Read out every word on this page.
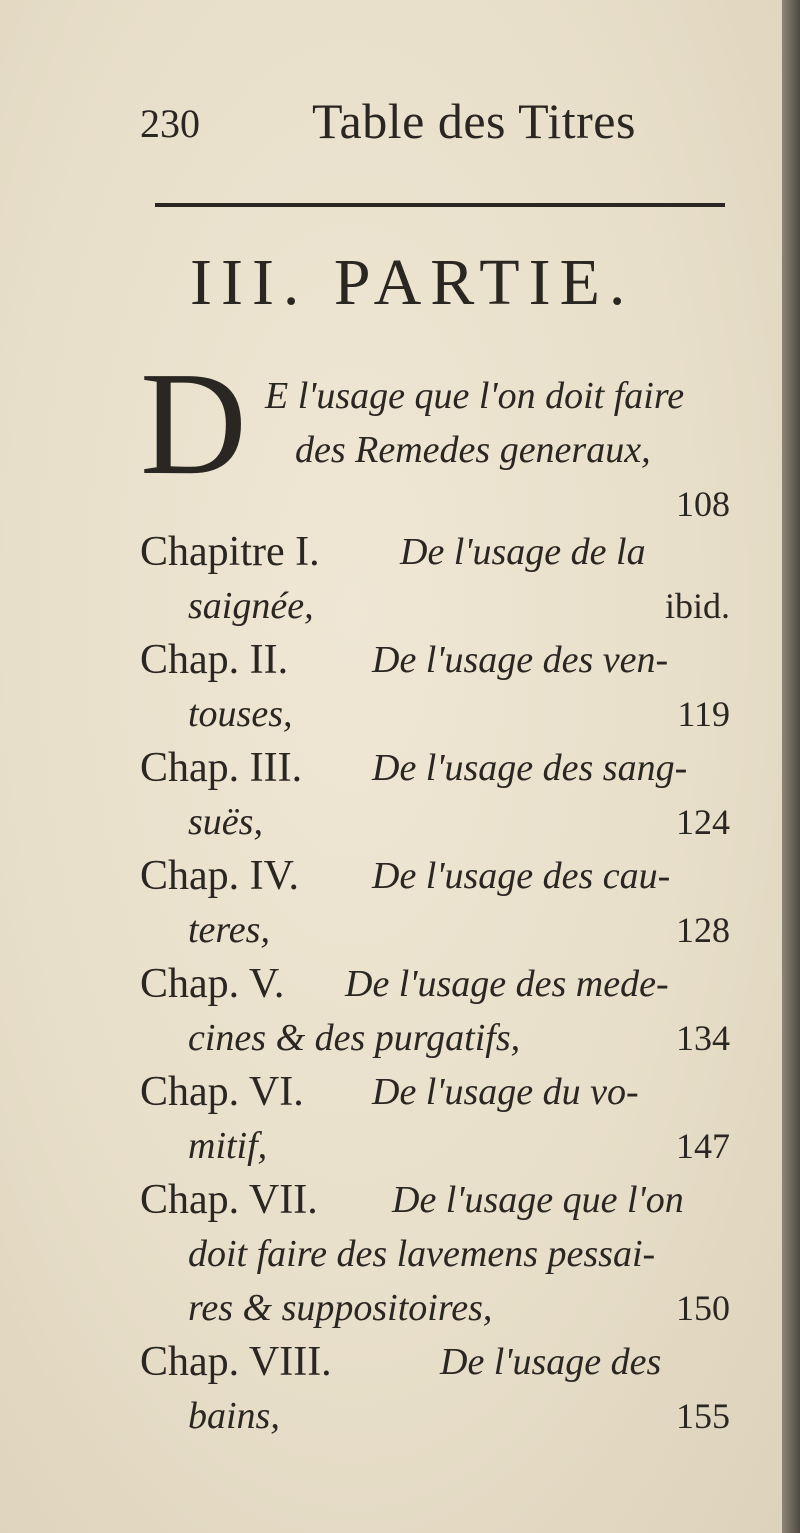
230 Table des Titres
III. PARTIE.
D E l'usage que l'on doit faire
des Remedes generaux,
108
Chapitre I. De l'usage de la
saignée,	ibid.
Chap. II. De l'usage des ven-
touses,	119
Chap. III. De l'usage des sang-
suës,	124
Chap. IV. De l'usage des cau-
teres,	128
Chap. V. De l'usage des mede-
cines & des purgatifs,	134
Chap. VI. De l'usage du vo-
mitif,	147
Chap. VII. De l'usage que l'on
doit faire des lavemens pessai-
res & suppositoires,	150
Chap. VIII.	De l'usage des
bains,	155
